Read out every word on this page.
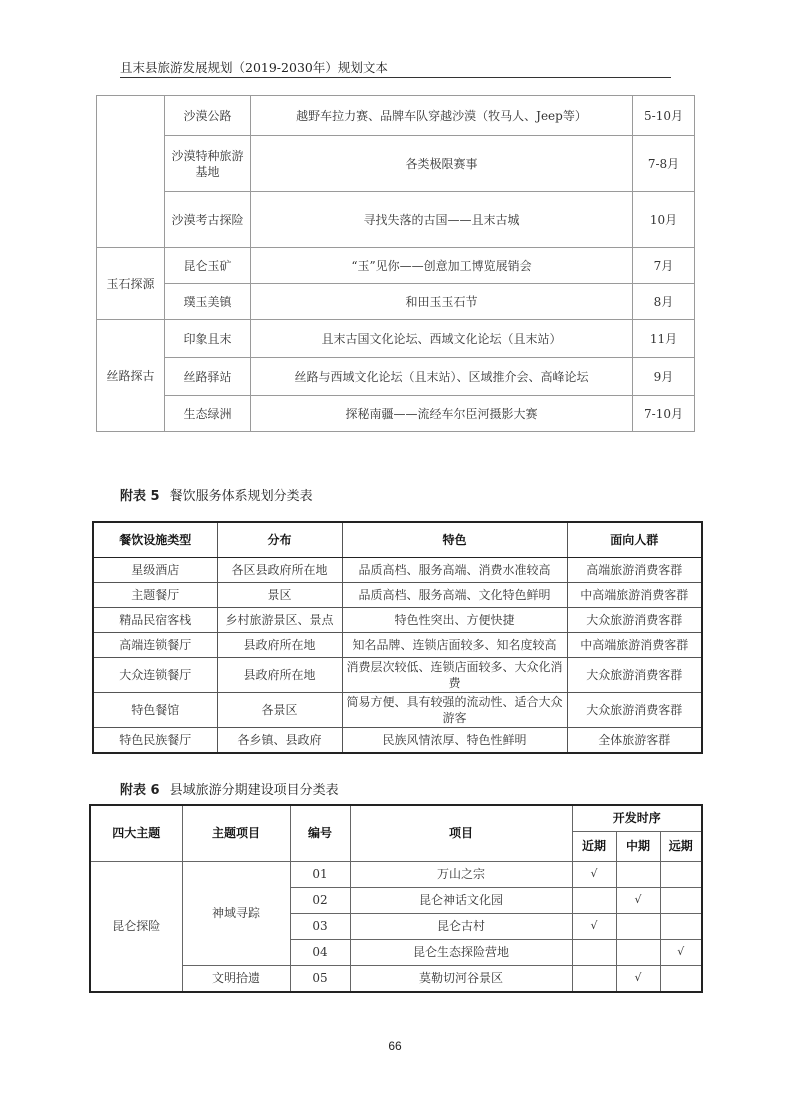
且末县旅游发展规划（2019-2030年）规划文本
	沙漠公路	越野车拉力赛、品牌车队穿越沙漠（牧马人、Jeep等）	5-10月
	沙漠特种旅游基地	各类极限赛事	7-8月
	沙漠考古探险	寻找失落的古国——且末古城	10月
玉石探源	昆仑玉矿	“玉”见你——创意加工博览展销会	7月
	璞玉美镇	和田玉玉石节	8月
丝路探古	印象且末	且末古国文化论坛、西域文化论坛（且末站）	11月
	丝路驿站	丝路与西域文化论坛（且末站）、区域推介会、高峰论坛	9月
	生态绿洲	探秘南疆——流经车尔臣河摄影大赛	7-10月
附表 5 餐饮服务体系规划分类表
餐饮设施类型	分布	特色	面向人群
星级酒店	各区县政府所在地	品质高档、服务高端、消费水准较高	高端旅游消费客群
主题餐厅	景区	品质高档、服务高端、文化特色鲜明	中高端旅游消费客群
精品民宿客栈	乡村旅游景区、景点	特色性突出、方便快捷	大众旅游消费客群
高端连锁餐厅	县政府所在地	知名品牌、连锁店面较多、知名度较高	中高端旅游消费客群
大众连锁餐厅	县政府所在地	消费层次较低、连锁店面较多、大众化消费	大众旅游消费客群
特色餐馆	各景区	简易方便、具有较强的流动性、适合大众游客	大众旅游消费客群
特色民族餐厅	各乡镇、县政府	民族风情浓厚、特色性鲜明	全体旅游客群
附表 6 县域旅游分期建设项目分类表
四大主题	主题项目	编号	项目	开发时序		
				近期	中期	远期
昆仑探险	神域寻踪	01	万山之宗	√		
		02	昆仑神话文化园		√	
		03	昆仑古村	√		
		04	昆仑生态探险营地			√
	文明拾遗	05	莫勒切河谷景区		√	
66
